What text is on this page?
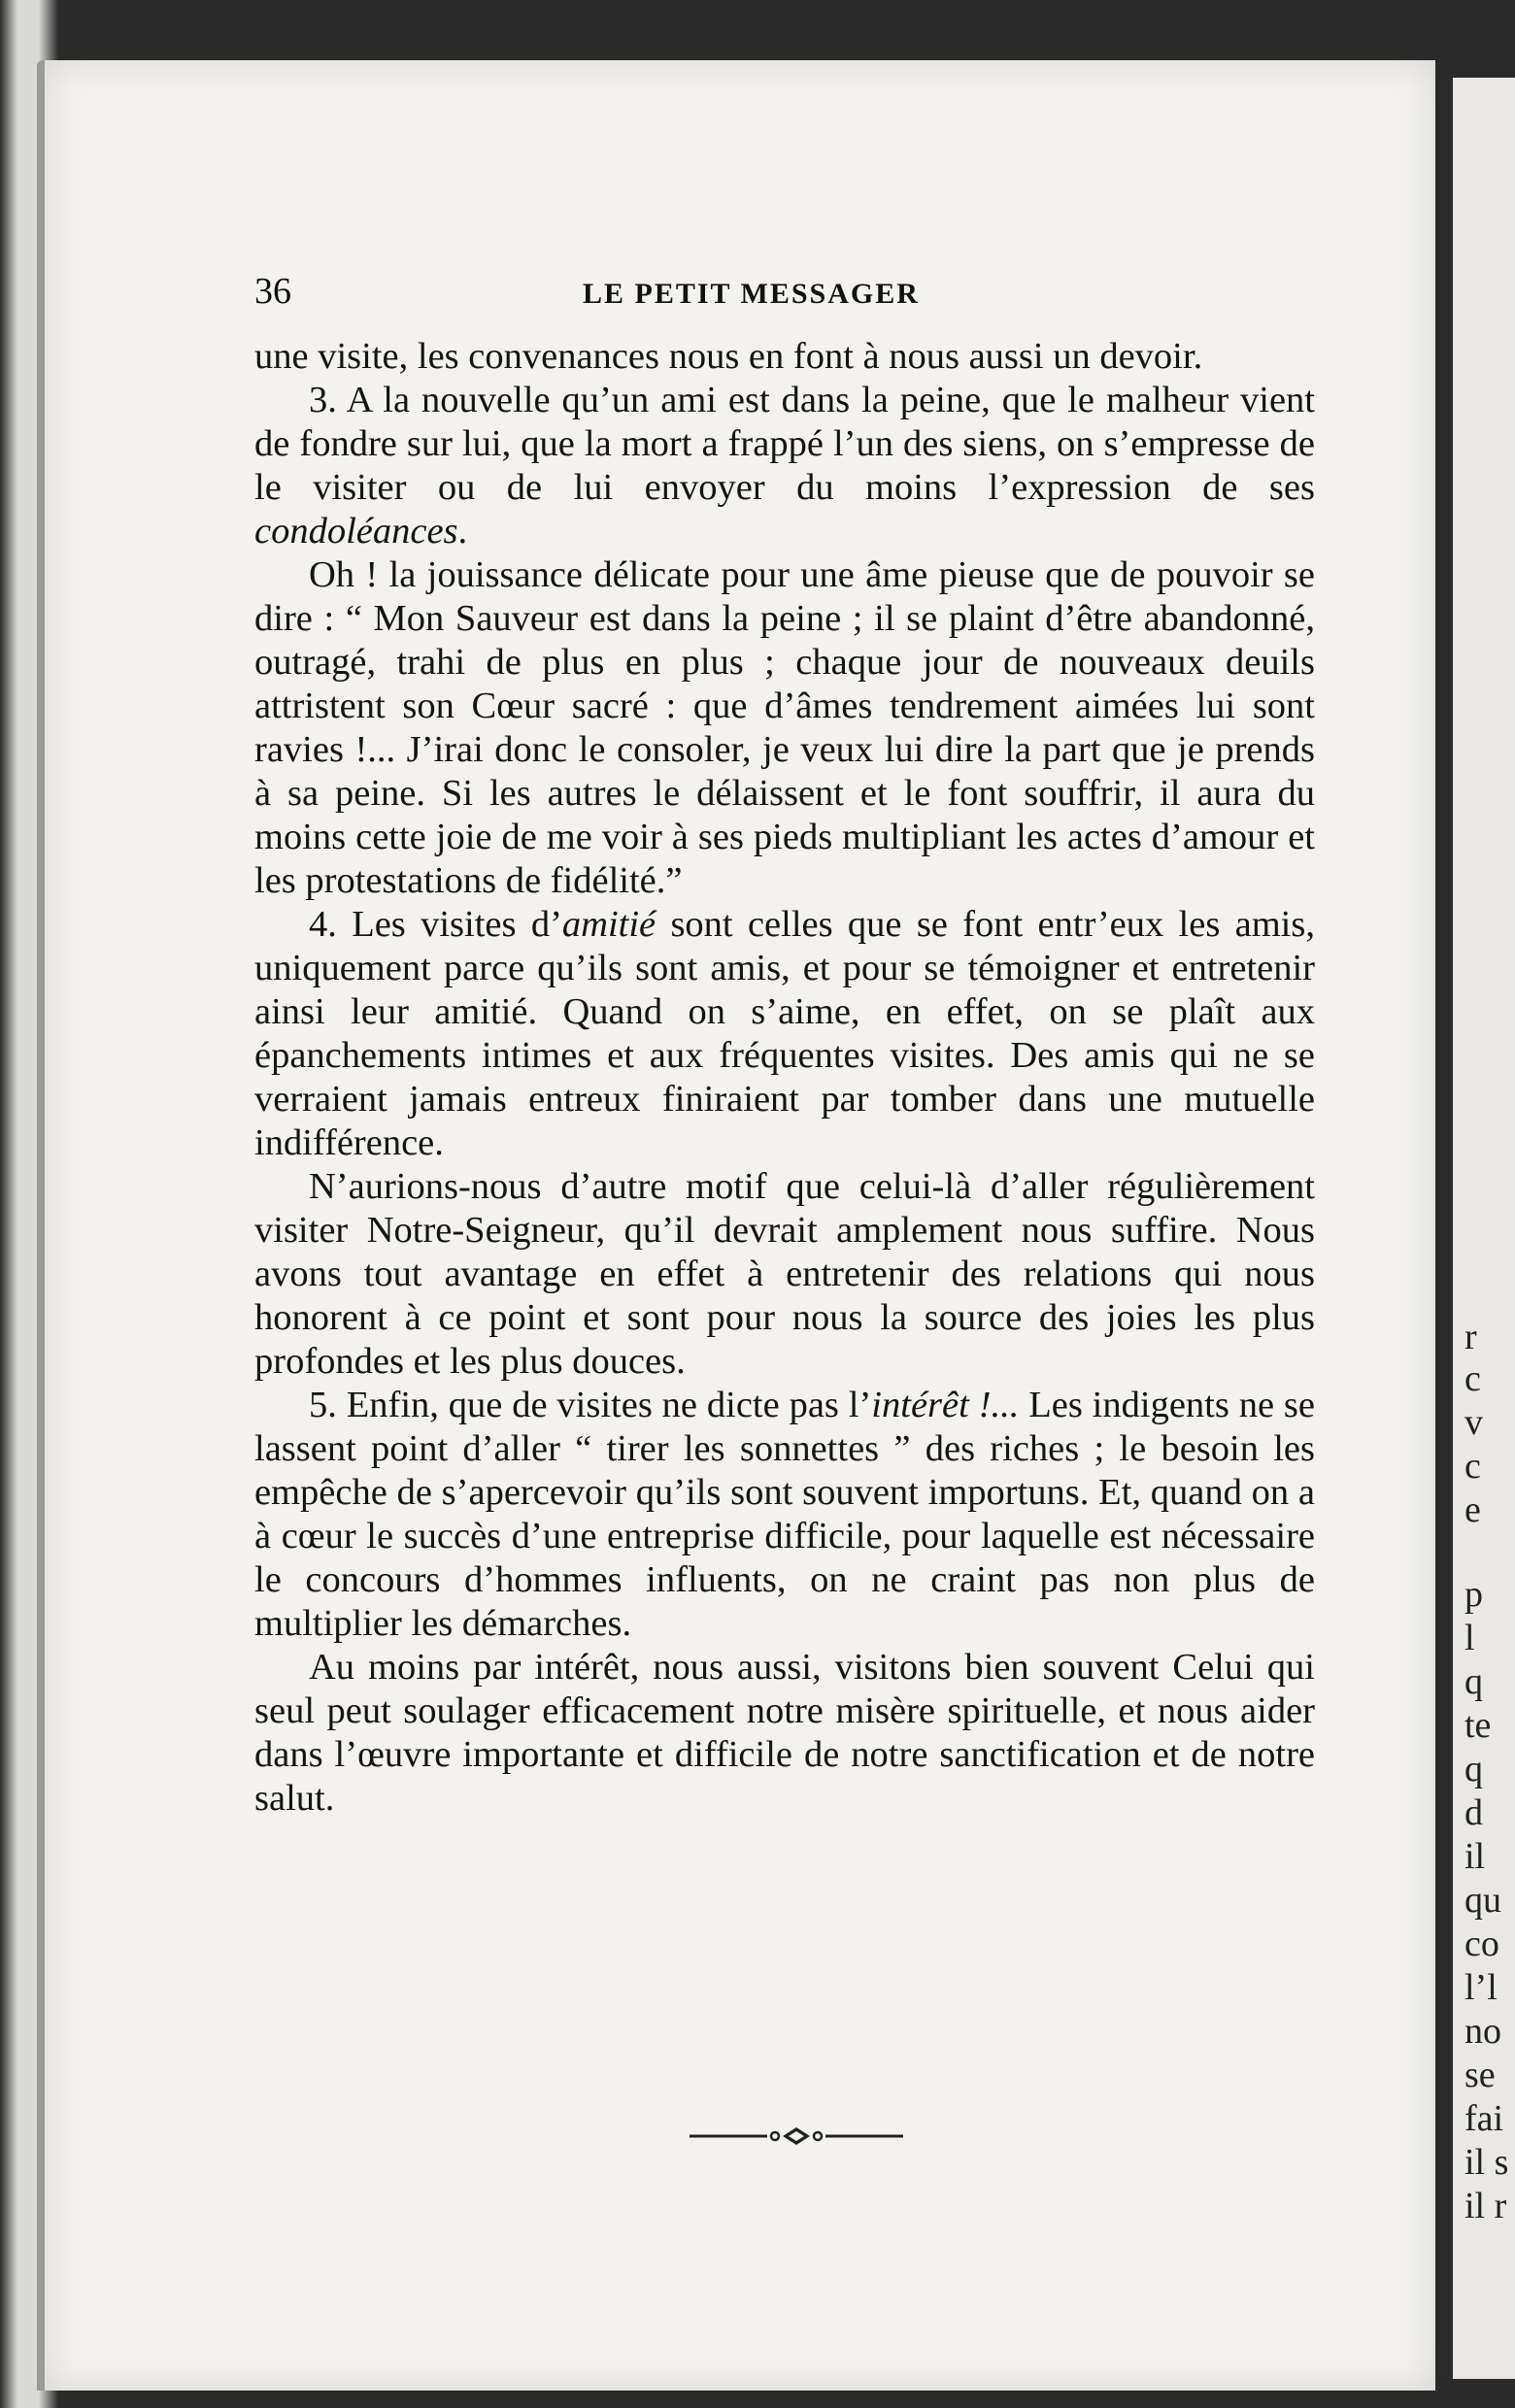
r
c
v
c
e
p
l
q
te
q
d
il
qu
co
l’l
no
se
fai
il s
il r
36	LE PETIT MESSAGER

une visite, les convenances nous en font à nous aussi un devoir.

3. A la nouvelle qu’un ami est dans la peine, que le malheur vient de fondre sur lui, que la mort a frappé l’un des siens, on s’empresse de le visiter ou de lui envoyer du moins l’expression de ses condoléances.

Oh ! la jouissance délicate pour une âme pieuse que de pouvoir se dire : “ Mon Sauveur est dans la peine ; il se plaint d’être abandonné, outragé, trahi de plus en plus ; chaque jour de nouveaux deuils attristent son Cœur sacré : que d’âmes tendrement aimées lui sont ravies !... J’irai donc le consoler, je veux lui dire la part que je prends à sa peine. Si les autres le délaissent et le font souffrir, il aura du moins cette joie de me voir à ses pieds multipliant les actes d’amour et les protestations de fidélité.”

4. Les visites d’amitié sont celles que se font entr’eux les amis, uniquement parce qu’ils sont amis, et pour se témoigner et entretenir ainsi leur amitié. Quand on s’aime, en effet, on se plaît aux épanchements intimes et aux fréquentes visites. Des amis qui ne se verraient jamais entreux finiraient par tomber dans une mutuelle indifférence.

N’aurions-nous d’autre motif que celui-là d’aller régulièrement visiter Notre-Seigneur, qu’il devrait amplement nous suffire. Nous avons tout avantage en effet à entretenir des relations qui nous honorent à ce point et sont pour nous la source des joies les plus profondes et les plus douces.

5. Enfin, que de visites ne dicte pas l’intérêt !... Les indigents ne se lassent point d’aller “ tirer les sonnettes ” des riches ; le besoin les empêche de s’apercevoir qu’ils sont souvent importuns. Et, quand on a à cœur le succès d’une entreprise difficile, pour laquelle est nécessaire le concours d’hommes influents, on ne craint pas non plus de multiplier les démarches.

Au moins par intérêt, nous aussi, visitons bien souvent Celui qui seul peut soulager efficacement notre misère spirituelle, et nous aider dans l’œuvre importante et difficile de notre sanctification et de notre salut.
